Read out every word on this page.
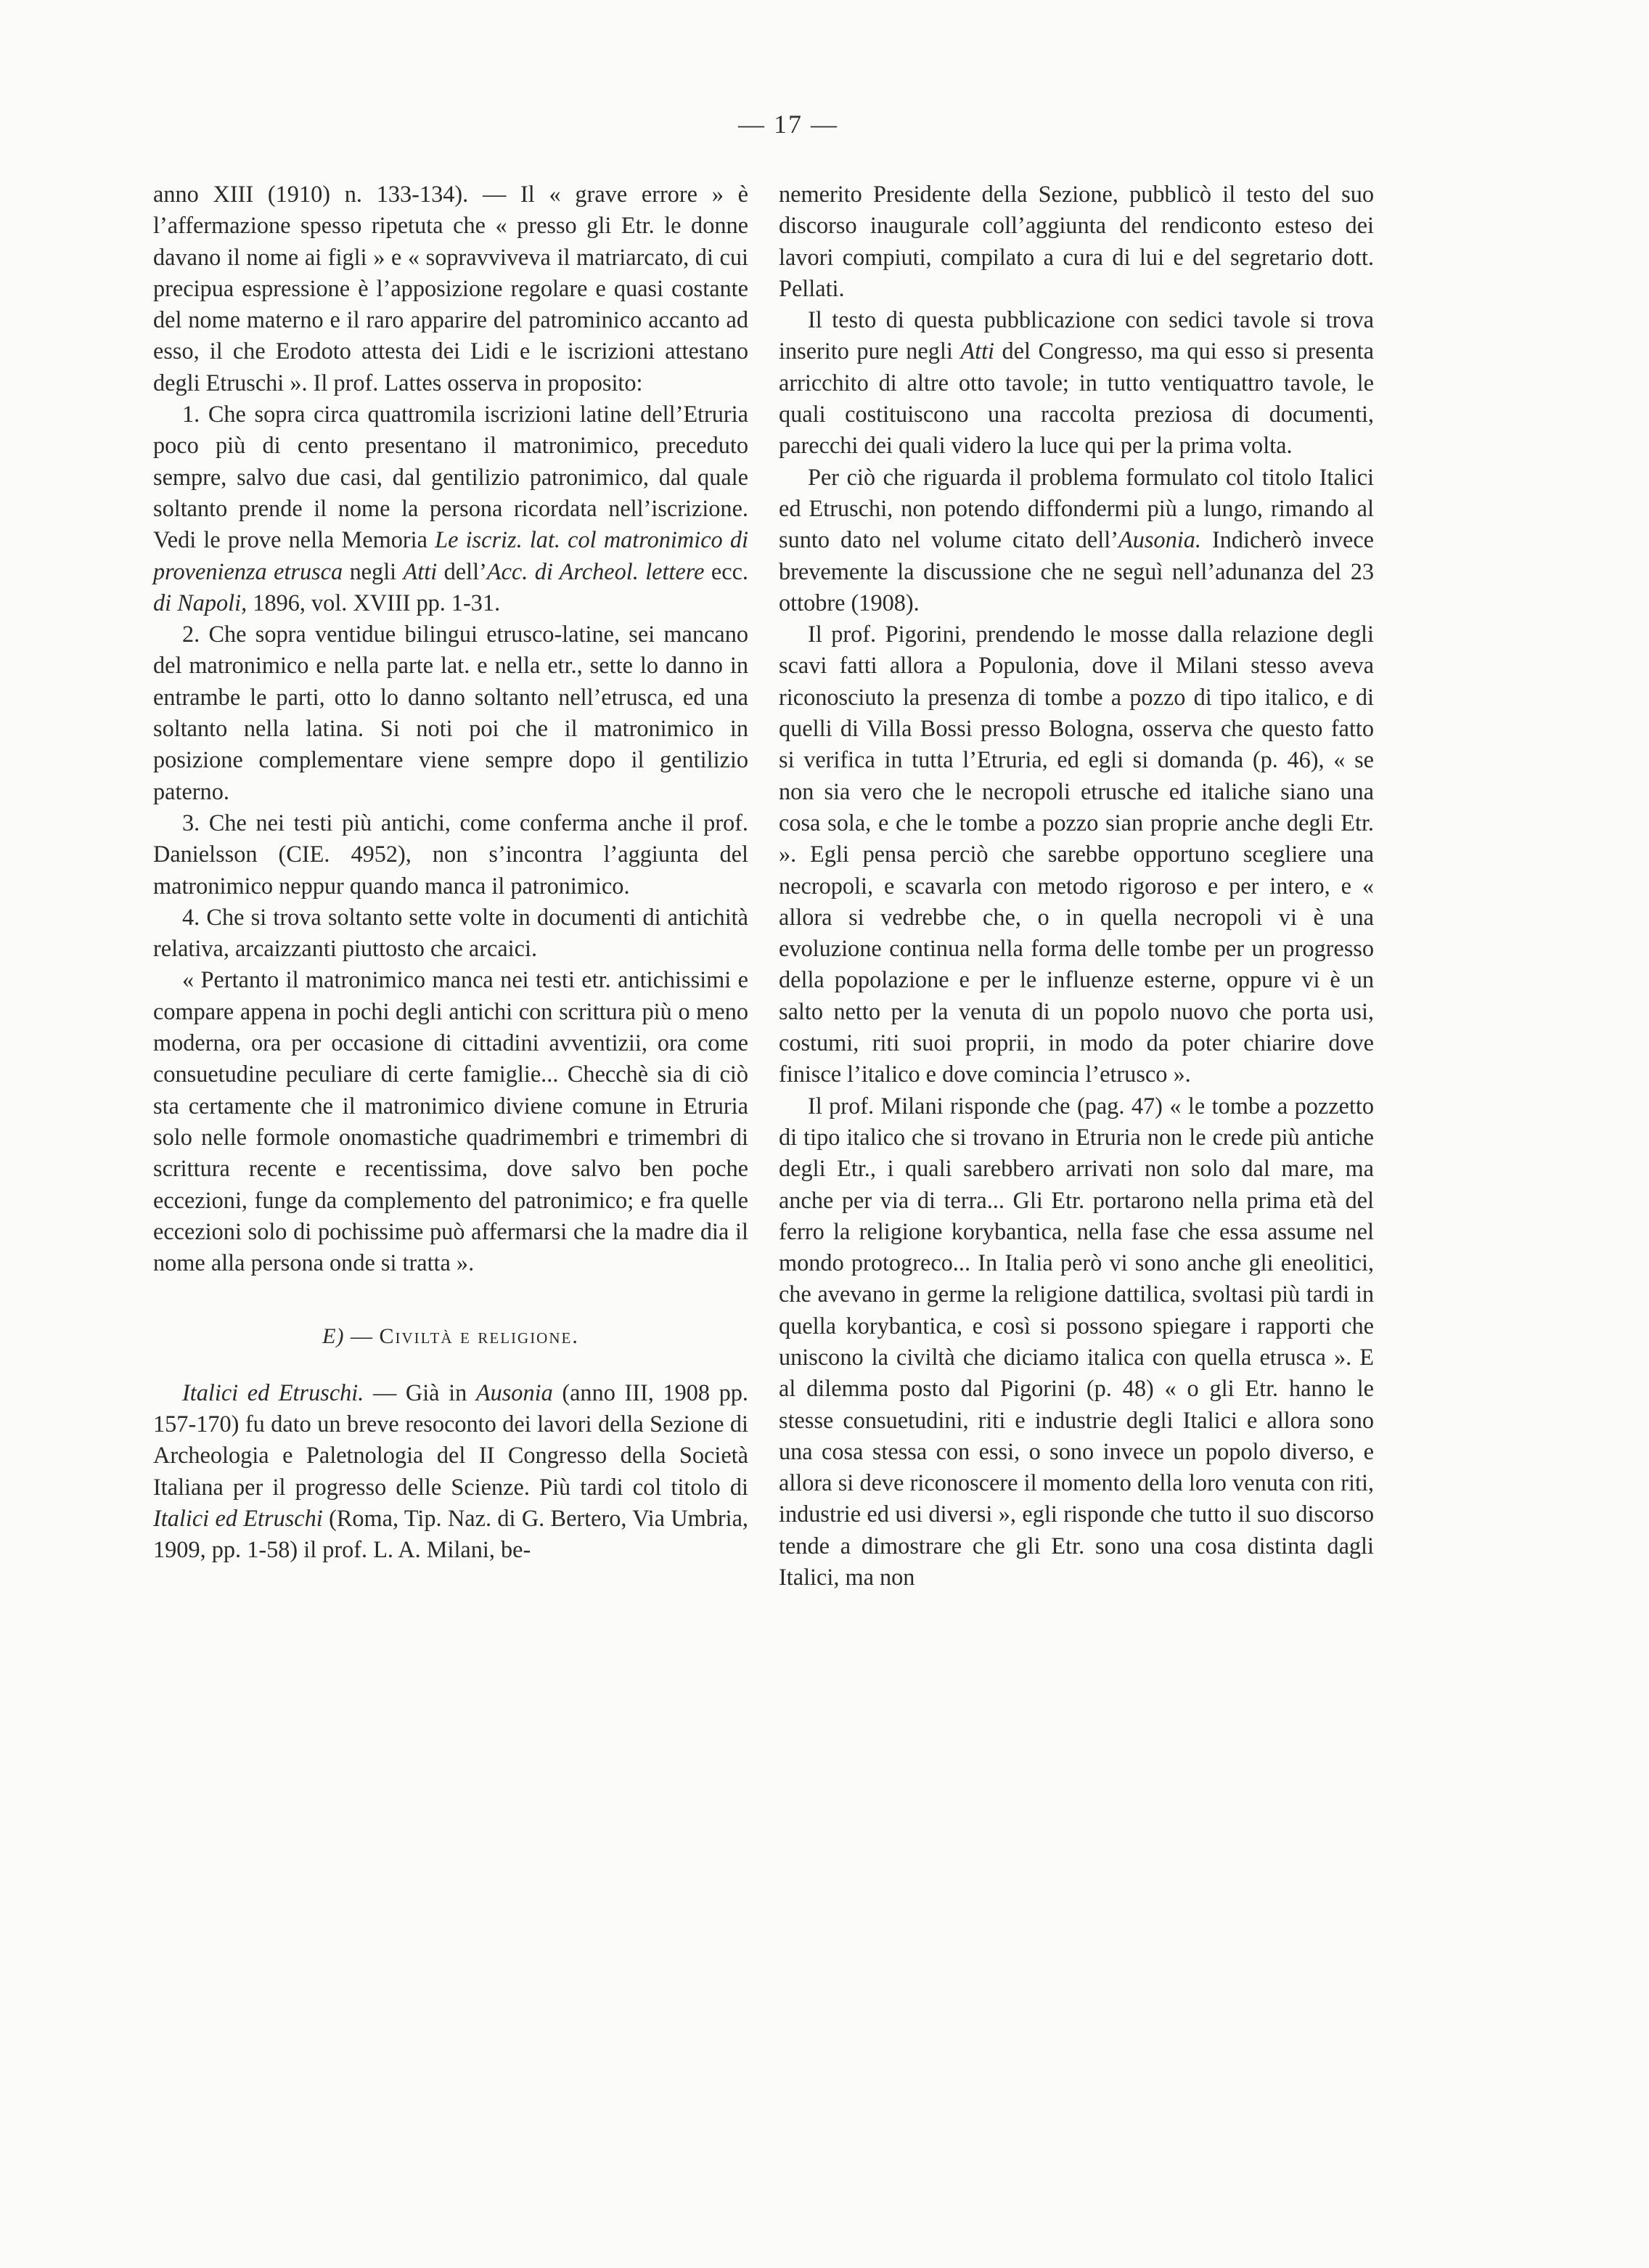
— 17 —

anno XIII (1910) n. 133-134). — Il « grave errore » è l’affermazione spesso ripetuta che « presso gli Etr. le donne davano il nome ai figli » e « sopravviveva il matriarcato, di cui precipua espressione è l’apposizione regolare e quasi costante del nome materno e il raro apparire del patrominico accanto ad esso, il che Erodoto attesta dei Lidi e le iscrizioni attestano degli Etruschi ». Il prof. Lattes osserva in proposito:

1. Che sopra circa quattromila iscrizioni latine dell’Etruria poco più di cento presentano il matronimico, preceduto sempre, salvo due casi, dal gentilizio patronimico, dal quale soltanto prende il nome la persona ricordata nell’iscrizione. Vedi le prove nella Memoria Le iscriz. lat. col matronimico di provenienza etrusca negli Atti dell’Acc. di Archeol. lettere ecc. di Napoli, 1896, vol. XVIII pp. 1-31.

2. Che sopra ventidue bilingui etrusco-latine, sei mancano del matronimico e nella parte lat. e nella etr., sette lo danno in entrambe le parti, otto lo danno soltanto nell’etrusca, ed una soltanto nella latina. Si noti poi che il matronimico in posizione complementare viene sempre dopo il gentilizio paterno.

3. Che nei testi più antichi, come conferma anche il prof. Danielsson (CIE. 4952), non s’incontra l’aggiunta del matronimico neppur quando manca il patronimico.

4. Che si trova soltanto sette volte in documenti di antichità relativa, arcaizzanti piuttosto che arcaici.

« Pertanto il matronimico manca nei testi etr. antichissimi e compare appena in pochi degli antichi con scrittura più o meno moderna, ora per occasione di cittadini avventizii, ora come consuetudine peculiare di certe famiglie... Checchè sia di ciò sta certamente che il matronimico diviene comune in Etruria solo nelle formole onomastiche quadrimembri e trimembri di scrittura recente e recentissima, dove salvo ben poche eccezioni, funge da complemento del patronimico; e fra quelle eccezioni solo di pochissime può affermarsi che la madre dia il nome alla persona onde si tratta ».

E) — Civiltà e religione.

Italici ed Etruschi. — Già in Ausonia (anno III, 1908 pp. 157-170) fu dato un breve resoconto dei lavori della Sezione di Archeologia e Paletnologia del II Congresso della Società Italiana per il progresso delle Scienze. Più tardi col titolo di Italici ed Etruschi (Roma, Tip. Naz. di G. Bertero, Via Umbria, 1909, pp. 1-58) il prof. L. A. Milani, be-

nemerito Presidente della Sezione, pubblicò il testo del suo discorso inaugurale coll’aggiunta del rendiconto esteso dei lavori compiuti, compilato a cura di lui e del segretario dott. Pellati.

Il testo di questa pubblicazione con sedici tavole si trova inserito pure negli Atti del Congresso, ma qui esso si presenta arricchito di altre otto tavole; in tutto ventiquattro tavole, le quali costituiscono una raccolta preziosa di documenti, parecchi dei quali videro la luce qui per la prima volta.

Per ciò che riguarda il problema formulato col titolo Italici ed Etruschi, non potendo diffondermi più a lungo, rimando al sunto dato nel volume citato dell’Ausonia. Indicherò invece brevemente la discussione che ne seguì nell’adunanza del 23 ottobre (1908).

Il prof. Pigorini, prendendo le mosse dalla relazione degli scavi fatti allora a Populonia, dove il Milani stesso aveva riconosciuto la presenza di tombe a pozzo di tipo italico, e di quelli di Villa Bossi presso Bologna, osserva che questo fatto si verifica in tutta l’Etruria, ed egli si domanda (p. 46), « se non sia vero che le necropoli etrusche ed italiche siano una cosa sola, e che le tombe a pozzo sian proprie anche degli Etr. ». Egli pensa perciò che sarebbe opportuno scegliere una necropoli, e scavarla con metodo rigoroso e per intero, e « allora si vedrebbe che, o in quella necropoli vi è una evoluzione continua nella forma delle tombe per un progresso della popolazione e per le influenze esterne, oppure vi è un salto netto per la venuta di un popolo nuovo che porta usi, costumi, riti suoi proprii, in modo da poter chiarire dove finisce l’italico e dove comincia l’etrusco ».

Il prof. Milani risponde che (pag. 47) « le tombe a pozzetto di tipo italico che si trovano in Etruria non le crede più antiche degli Etr., i quali sarebbero arrivati non solo dal mare, ma anche per via di terra... Gli Etr. portarono nella prima età del ferro la religione korybantica, nella fase che essa assume nel mondo protogreco... In Italia però vi sono anche gli eneolitici, che avevano in germe la religione dattilica, svoltasi più tardi in quella korybantica, e così si possono spiegare i rapporti che uniscono la civiltà che diciamo italica con quella etrusca ». E al dilemma posto dal Pigorini (p. 48) « o gli Etr. hanno le stesse consuetudini, riti e industrie degli Italici e allora sono una cosa stessa con essi, o sono invece un popolo diverso, e allora si deve riconoscere il momento della loro venuta con riti, industrie ed usi diversi », egli risponde che tutto il suo discorso tende a dimostrare che gli Etr. sono una cosa distinta dagli Italici, ma non
